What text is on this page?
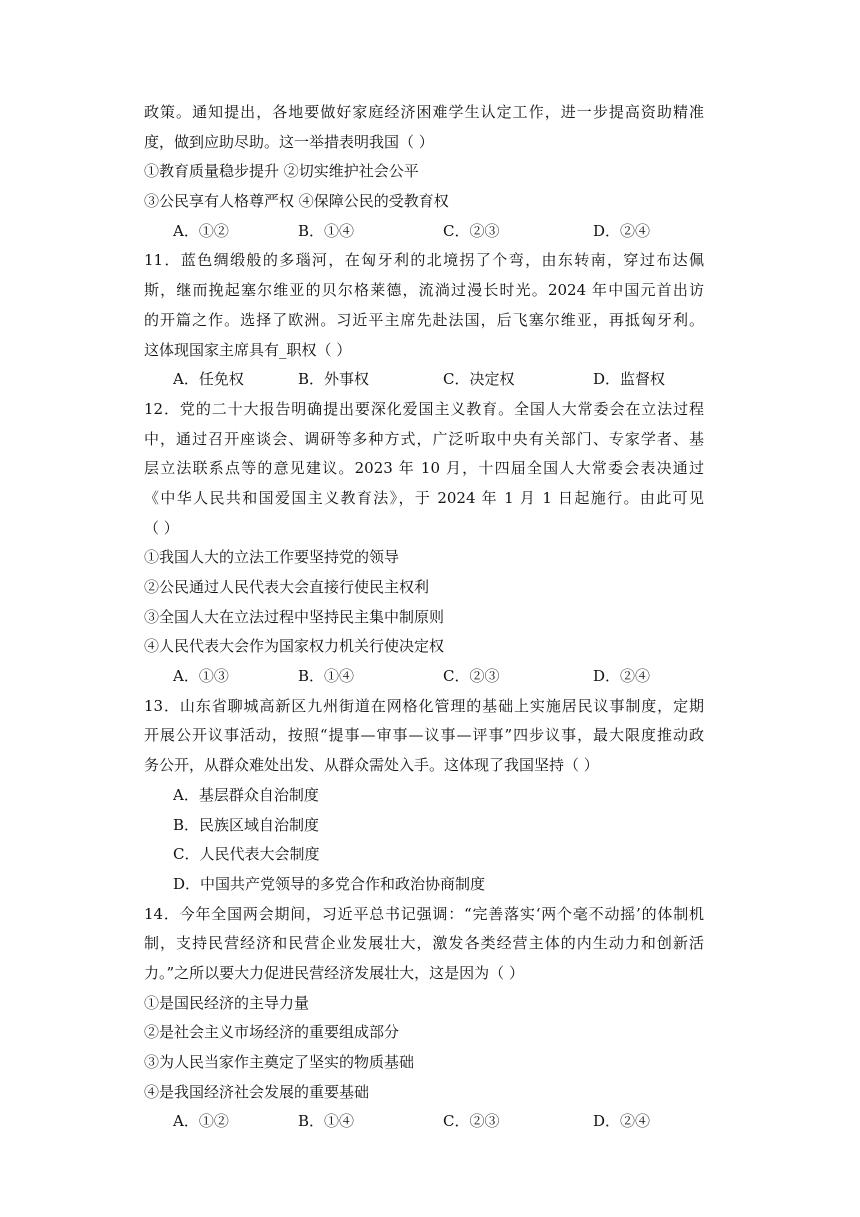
政策。通知提出，各地要做好家庭经济困难学生认定工作，进一步提高资助精准
度，做到应助尽助。这一举措表明我国（ ）
①教育质量稳步提升 ②切实维护社会公平
③公民享有人格尊严权 ④保障公民的受教育权
A．①②	B．①④	C．②③	D．②④
11．蓝色绸缎般的多瑙河，在匈牙利的北境拐了个弯，由东转南，穿过布达佩
斯，继而挽起塞尔维亚的贝尔格莱德，流淌过漫长时光。2024 年中国元首出访
的开篇之作。选择了欧洲。习近平主席先赴法国，后飞塞尔维亚，再抵匈牙利。
这体现国家主席具有_职权（ ）
A．任免权	B．外事权	C．决定权	D．监督权
12．党的二十大报告明确提出要深化爱国主义教育。全国人大常委会在立法过程
中，通过召开座谈会、调研等多种方式，广泛听取中央有关部门、专家学者、基
层立法联系点等的意见建议。2023 年 10 月，十四届全国人大常委会表决通过
《中华人民共和国爱国主义教育法》，于 2024 年 1 月 1 日起施行。由此可见
（ ）
①我国人大的立法工作要坚持党的领导
②公民通过人民代表大会直接行使民主权利
③全国人大在立法过程中坚持民主集中制原则
④人民代表大会作为国家权力机关行使决定权
A．①③	B．①④	C．②③	D．②④
13．山东省聊城高新区九州街道在网格化管理的基础上实施居民议事制度，定期
开展公开议事活动，按照“提事—审事—议事—评事”四步议事，最大限度推动政
务公开，从群众难处出发、从群众需处入手。这体现了我国坚持（ ）
A．基层群众自治制度
B．民族区域自治制度
C．人民代表大会制度
D．中国共产党领导的多党合作和政治协商制度
14．今年全国两会期间，习近平总书记强调：“完善落实‘两个毫不动摇’的体制机
制，支持民营经济和民营企业发展壮大，激发各类经营主体的内生动力和创新活
力。”之所以要大力促进民营经济发展壮大，这是因为（ ）
①是国民经济的主导力量
②是社会主义市场经济的重要组成部分
③为人民当家作主奠定了坚实的物质基础
④是我国经济社会发展的重要基础
A．①②	B．①④	C．②③	D．②④
